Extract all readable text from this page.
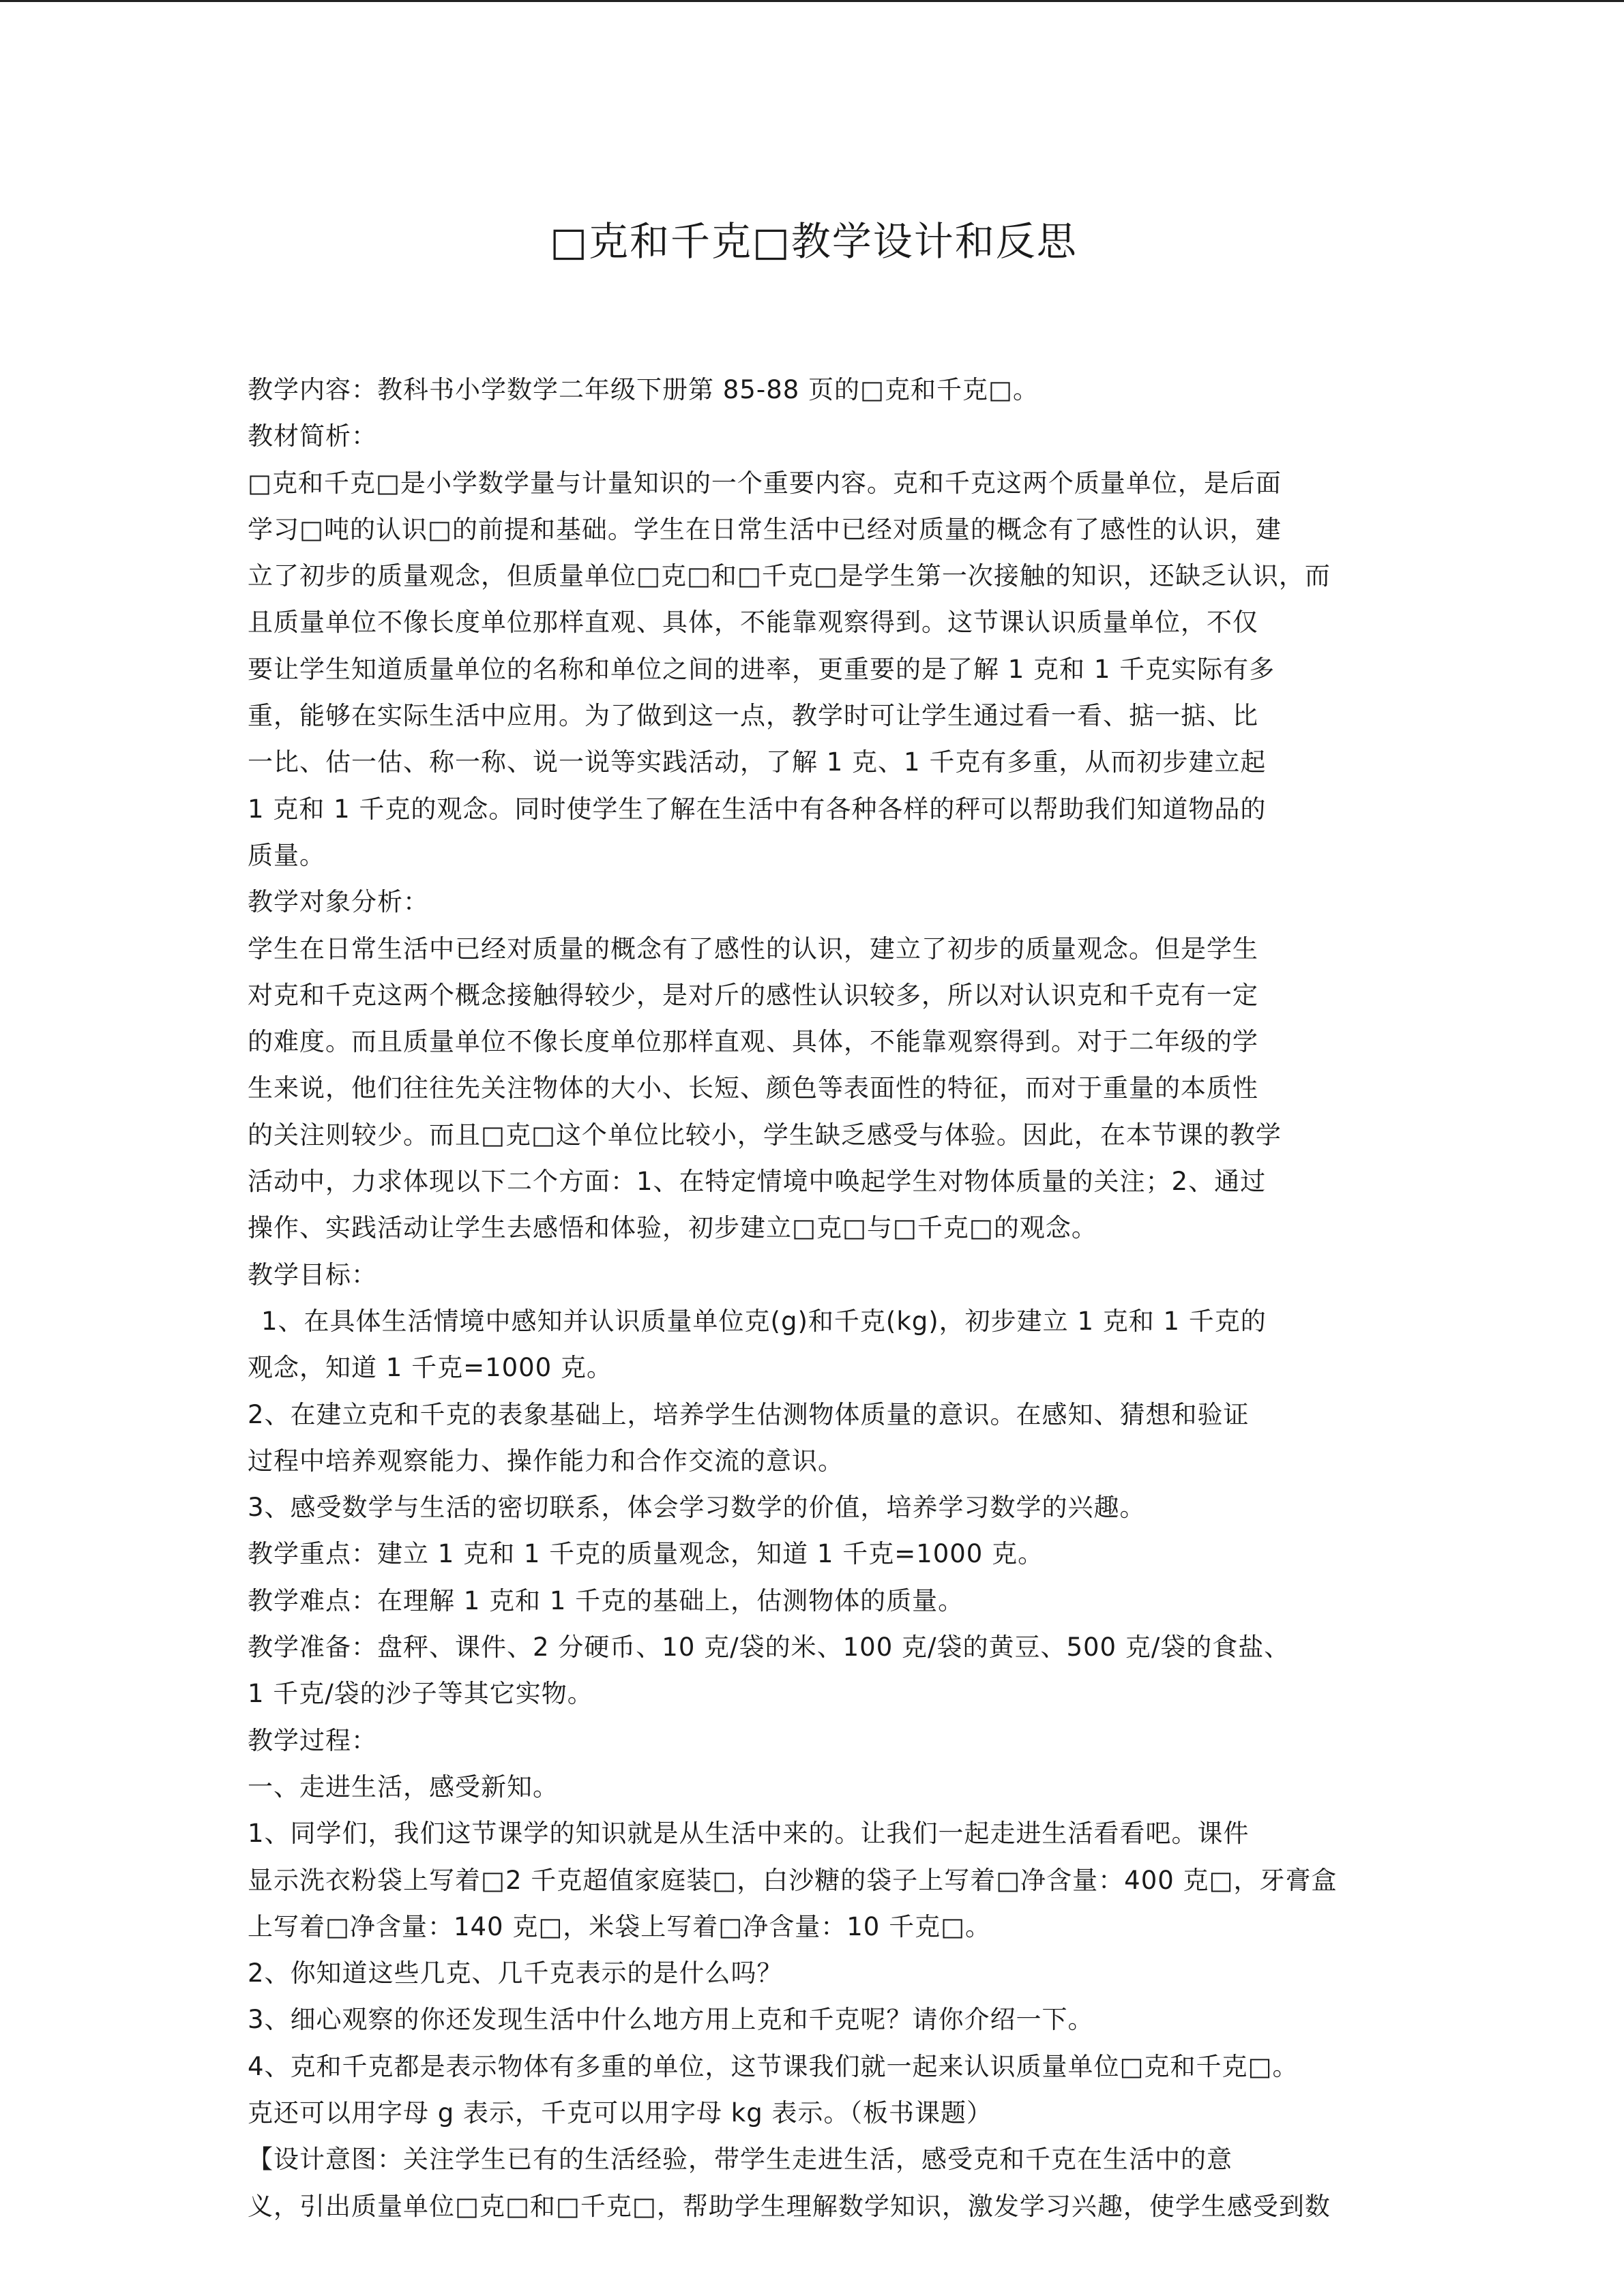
□克和千克□教学设计和反思
教学内容：教科书小学数学二年级下册第 85-88 页的□克和千克□。
教材简析：
□克和千克□是小学数学量与计量知识的一个重要内容。克和千克这两个质量单位，是后面
学习□吨的认识□的前提和基础。学生在日常生活中已经对质量的概念有了感性的认识，建
立了初步的质量观念，但质量单位□克□和□千克□是学生第一次接触的知识，还缺乏认识，而
且质量单位不像长度单位那样直观、具体，不能靠观察得到。这节课认识质量单位，不仅
要让学生知道质量单位的名称和单位之间的进率，更重要的是了解 1 克和 1 千克实际有多
重，能够在实际生活中应用。为了做到这一点，教学时可让学生通过看一看、掂一掂、比
一比、估一估、称一称、说一说等实践活动，了解 1 克、1 千克有多重，从而初步建立起
1 克和 1 千克的观念。同时使学生了解在生活中有各种各样的秤可以帮助我们知道物品的
质量。
教学对象分析：
学生在日常生活中已经对质量的概念有了感性的认识，建立了初步的质量观念。但是学生
对克和千克这两个概念接触得较少，是对斤的感性认识较多，所以对认识克和千克有一定
的难度。而且质量单位不像长度单位那样直观、具体，不能靠观察得到。对于二年级的学
生来说，他们往往先关注物体的大小、长短、颜色等表面性的特征，而对于重量的本质性
的关注则较少。而且□克□这个单位比较小，学生缺乏感受与体验。因此，在本节课的教学
活动中，力求体现以下二个方面：1、在特定情境中唤起学生对物体质量的关注；2、通过
操作、实践活动让学生去感悟和体验，初步建立□克□与□千克□的观念。
教学目标：
1、在具体生活情境中感知并认识质量单位克(g)和千克(kg)，初步建立 1 克和 1 千克的
观念，知道 1 千克=1000 克。
2、在建立克和千克的表象基础上，培养学生估测物体质量的意识。在感知、猜想和验证
过程中培养观察能力、操作能力和合作交流的意识。
3、感受数学与生活的密切联系，体会学习数学的价值，培养学习数学的兴趣。
教学重点：建立 1 克和 1 千克的质量观念，知道 1 千克=1000 克。
教学难点：在理解 1 克和 1 千克的基础上，估测物体的质量。
教学准备：盘秤、课件、2 分硬币、10 克/袋的米、100 克/袋的黄豆、500 克/袋的食盐、
1 千克/袋的沙子等其它实物。
教学过程：
一、走进生活，感受新知。
1、同学们，我们这节课学的知识就是从生活中来的。让我们一起走进生活看看吧。课件
显示洗衣粉袋上写着□2 千克超值家庭装□，白沙糖的袋子上写着□净含量：400 克□，牙膏盒
上写着□净含量：140 克□，米袋上写着□净含量：10 千克□。
2、你知道这些几克、几千克表示的是什么吗？
3、细心观察的你还发现生活中什么地方用上克和千克呢？请你介绍一下。
4、克和千克都是表示物体有多重的单位，这节课我们就一起来认识质量单位□克和千克□。
克还可以用字母 g 表示，千克可以用字母 kg 表示。（板书课题）
【设计意图：关注学生已有的生活经验，带学生走进生活，感受克和千克在生活中的意
义，引出质量单位□克□和□千克□，帮助学生理解数学知识，激发学习兴趣，使学生感受到数
